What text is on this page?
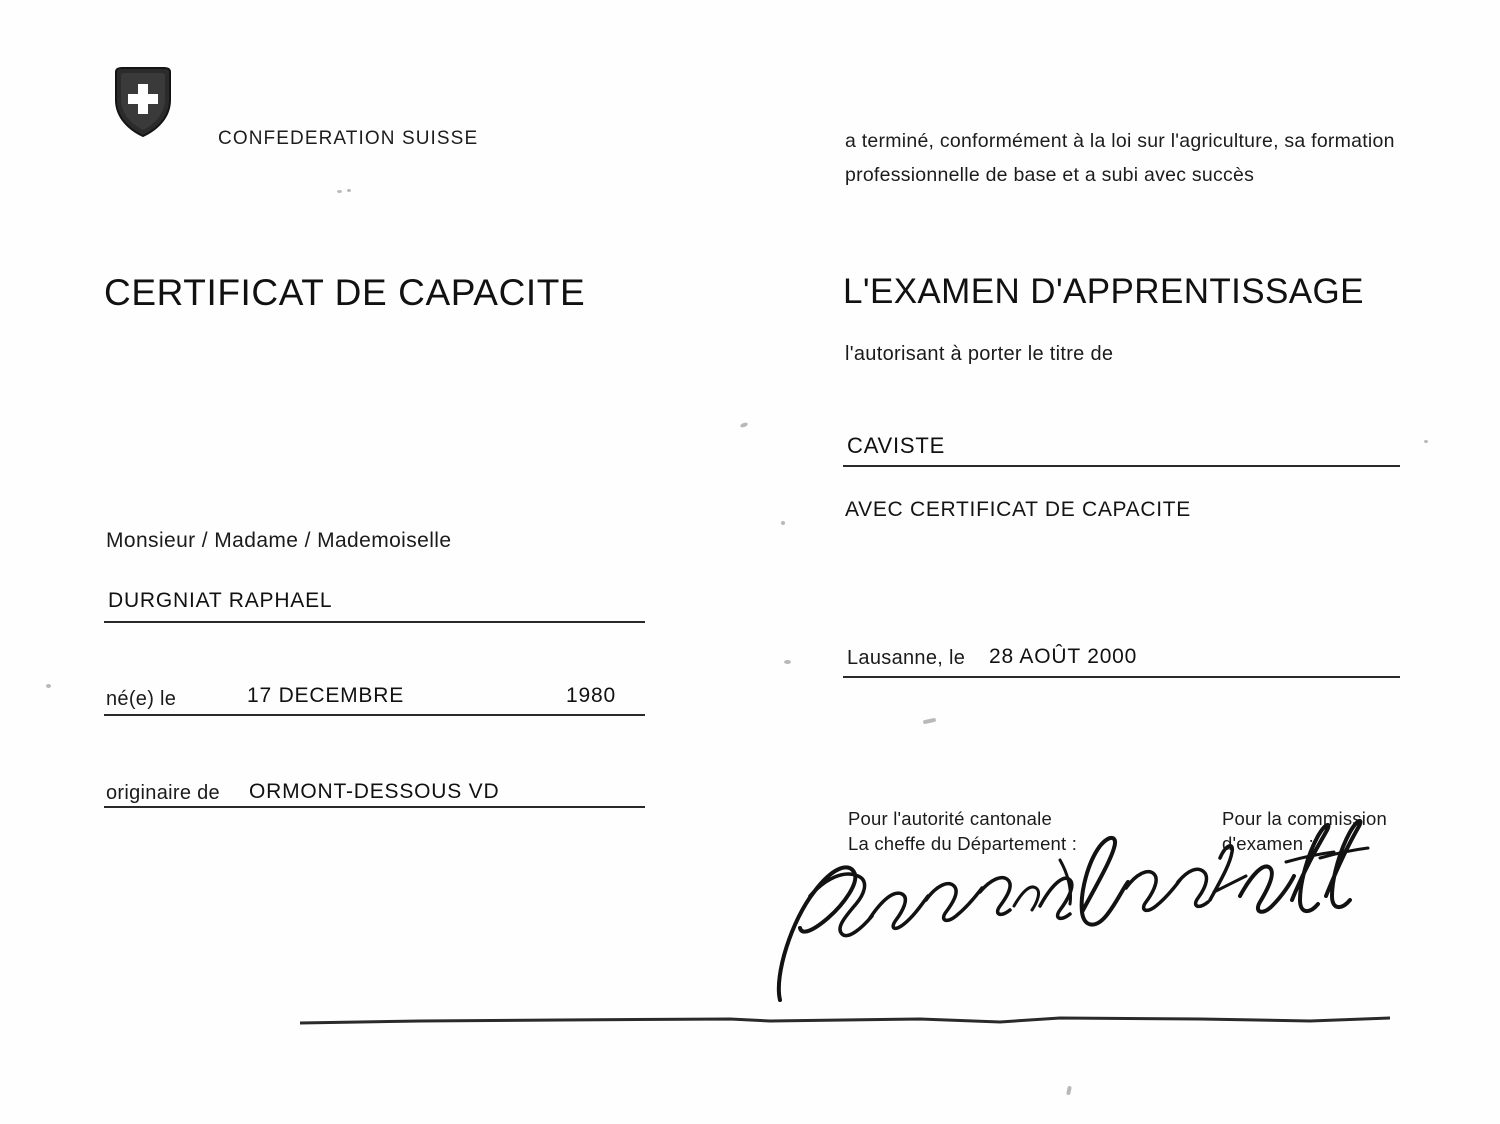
CONFEDERATION SUISSE
CERTIFICAT DE CAPACITE
Monsieur / Madame / Mademoiselle
DURGNIAT RAPHAEL
né(e) le	17 DECEMBRE	1980
originaire de ORMONT-DESSOUS VD
a terminé, conformément à la loi sur l'agriculture, sa formation professionnelle de base et a subi avec succès
L'EXAMEN D'APPRENTISSAGE
l'autorisant à porter le titre de
CAVISTE
AVEC CERTIFICAT DE CAPACITE
Lausanne, le 28 AOÛT 2000
Pour l'autorité cantonale
La cheffe du Département :
Pour la commission
d'examen :
